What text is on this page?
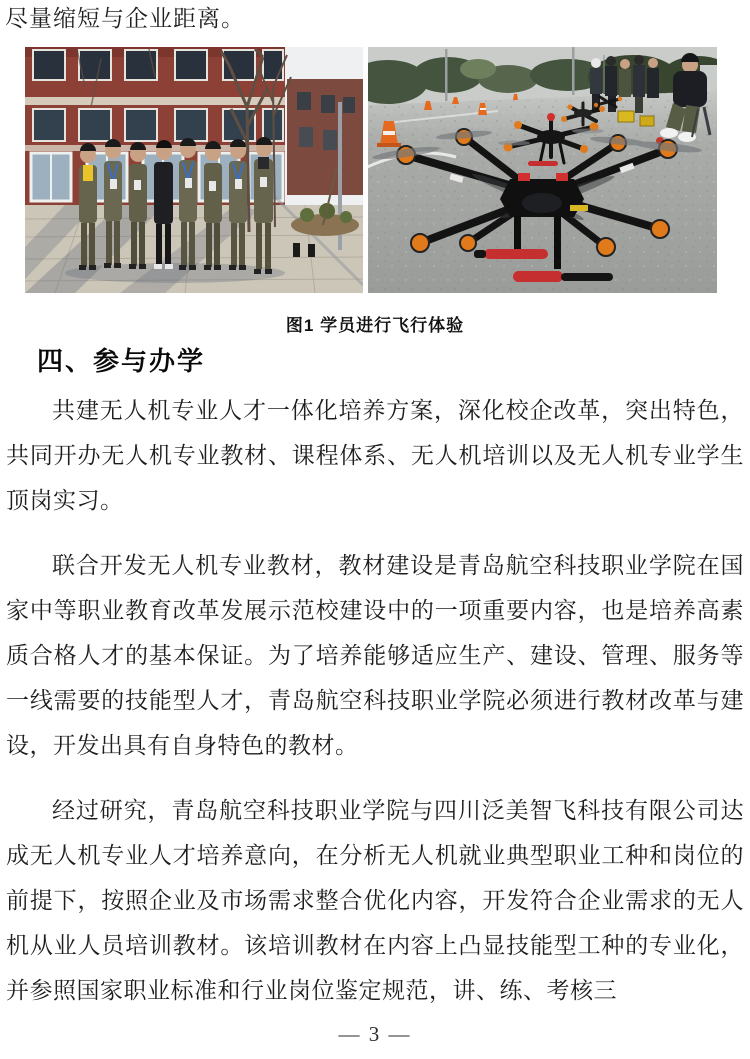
尽量缩短与企业距离。
图1 学员进行飞行体验
四、参与办学

共建无人机专业人才一体化培养方案，深化校企改革，突出特色，共同开办无人机专业教材、课程体系、无人机培训以及无人机专业学生顶岗实习。

联合开发无人机专业教材，教材建设是青岛航空科技职业学院在国家中等职业教育改革发展示范校建设中的一项重要内容，也是培养高素质合格人才的基本保证。为了培养能够适应生产、建设、管理、服务等一线需要的技能型人才，青岛航空科技职业学院必须进行教材改革与建设，开发出具有自身特色的教材。

经过研究，青岛航空科技职业学院与四川泛美智飞科技有限公司达成无人机专业人才培养意向，在分析无人机就业典型职业工种和岗位的前提下，按照企业及市场需求整合优化内容，开发符合企业需求的无人机从业人员培训教材。该培训教材在内容上凸显技能型工种的专业化，并参照国家职业标准和行业岗位鉴定规范，讲、练、考核三

— 3 —
